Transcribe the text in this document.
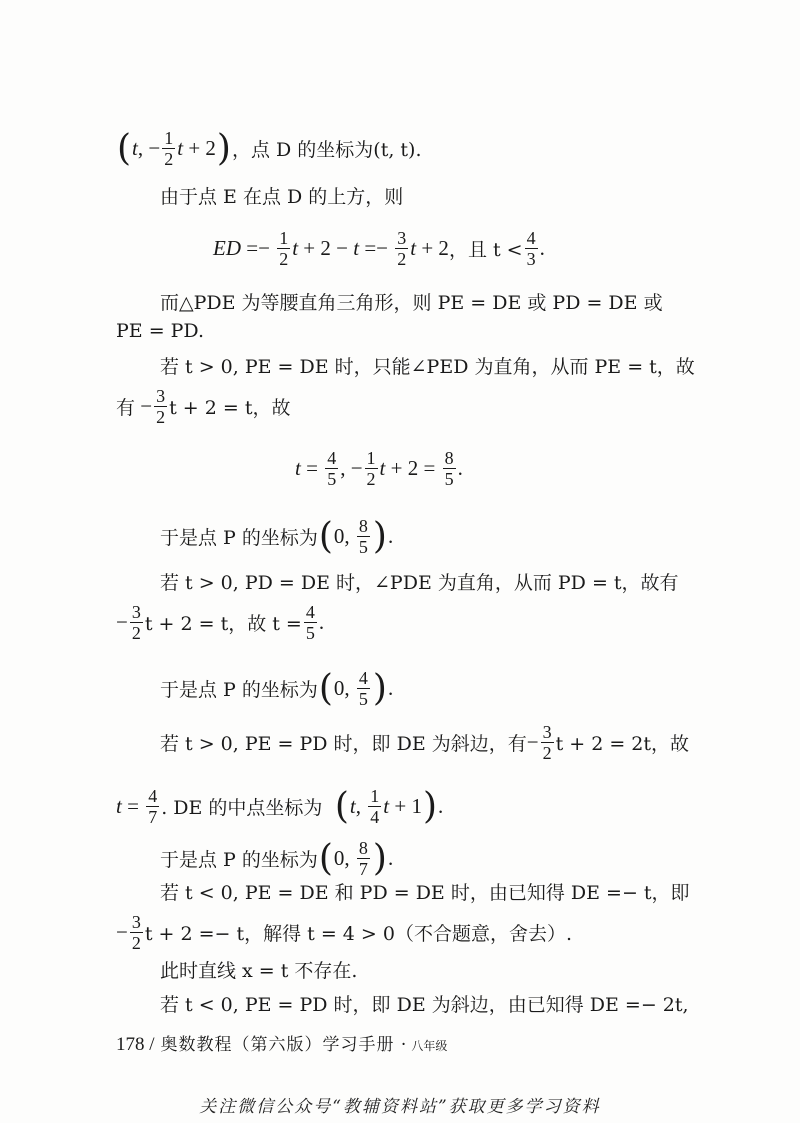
( t , − $\frac{1}{2}$ t + 2 ) ，点 D 的坐标为(t, t).
由于点 E 在点 D 的上方，则
ED =− $\frac{1}{2}$ $t + 2 - t =- \frac{3}{2}$ t + 2 ，且 $t < \frac{4}{3}$ .
而△PDE 为等腰直角三角形，则 PE = DE 或 PD = DE 或
PE = PD.
若 t > 0, PE = DE 时，只能∠PED 为直角，从而 PE = t，故
有 − $\frac{3}{2}$ t + 2 = t，故
$t = \frac{4}{5}$ , − $\frac{1}{2}$ $t + 2 = \frac{8}{5}$ .
于是点 P 的坐标为 ( 0, $\frac{8}{5}$ ) .
若 t > 0, PD = DE 时，∠PDE 为直角，从而 PD = t，故有
− $\frac{3}{2}$ t + 2 = t，故 $t = \frac{4}{5}$ .
于是点 P 的坐标为 ( 0, $\frac{4}{5}$ ) .
若 t > 0, PE = PD 时，即 DE 为斜边，有 − $\frac{3}{2}$ t + 2 = 2t，故
$t = \frac{4}{7}$ . DE 的中点坐标为 ( t , $\frac{1}{4}$ t + 1 ) .
于是点 P 的坐标为 ( 0, $\frac{8}{7}$ ) .
若 t < 0, PE = DE 和 PD = DE 时，由已知得 DE =− t，即
− $\frac{3}{2}$ t + 2 =− t，解得 t = 4 > 0（不合题意，舍去）.
此时直线 x = t 不存在.
若 t < 0, PE = PD 时，即 DE 为斜边，由已知得 DE =− 2t,
178 / 奥数教程（第六版）学习手册 · 八年级
关注微信公众号“教辅资料站”获取更多学习资料
